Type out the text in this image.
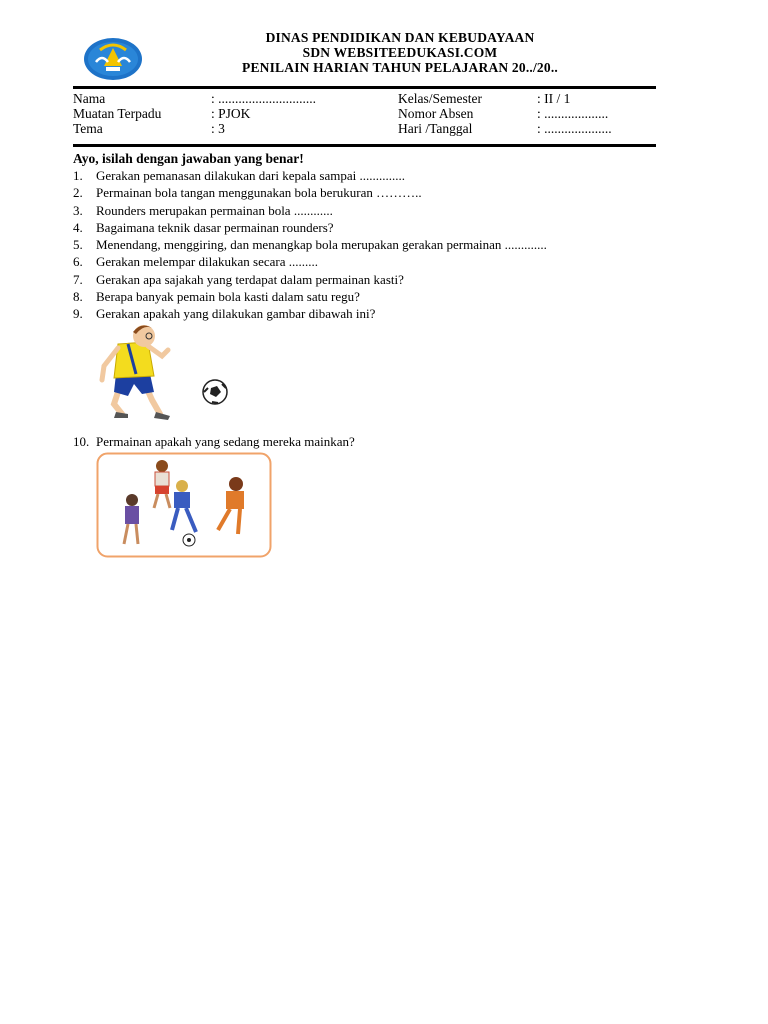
DINAS PENDIDIKAN DAN KEBUDAYAAN
SDN WEBSITEEDUKASI.COM
PENILAIN HARIAN TAHUN PELAJARAN 20../20..
Nama	: .............................	Kelas/Semester	: II / 1
Muatan Terpadu	: PJOK	Nomor Absen	: ...................
Tema	: 3	Hari /Tanggal	: ....................
Ayo, isilah dengan jawaban yang benar!
1.	Gerakan pemanasan dilakukan dari kepala sampai ..............
2.	Permainan bola tangan menggunakan bola berukuran ………..
3.	Rounders merupakan permainan bola ............
4.	Bagaimana teknik dasar permainan rounders?
5.	Menendang, menggiring, dan menangkap bola merupakan gerakan permainan .............
6.	Gerakan melempar dilakukan secara .........
7.	Gerakan apa sajakah yang terdapat dalam permainan kasti?
8.	Berapa banyak pemain bola kasti dalam satu regu?
9.	Gerakan apakah yang dilakukan gambar dibawah ini?
10. Permainan apakah yang sedang mereka mainkan?
